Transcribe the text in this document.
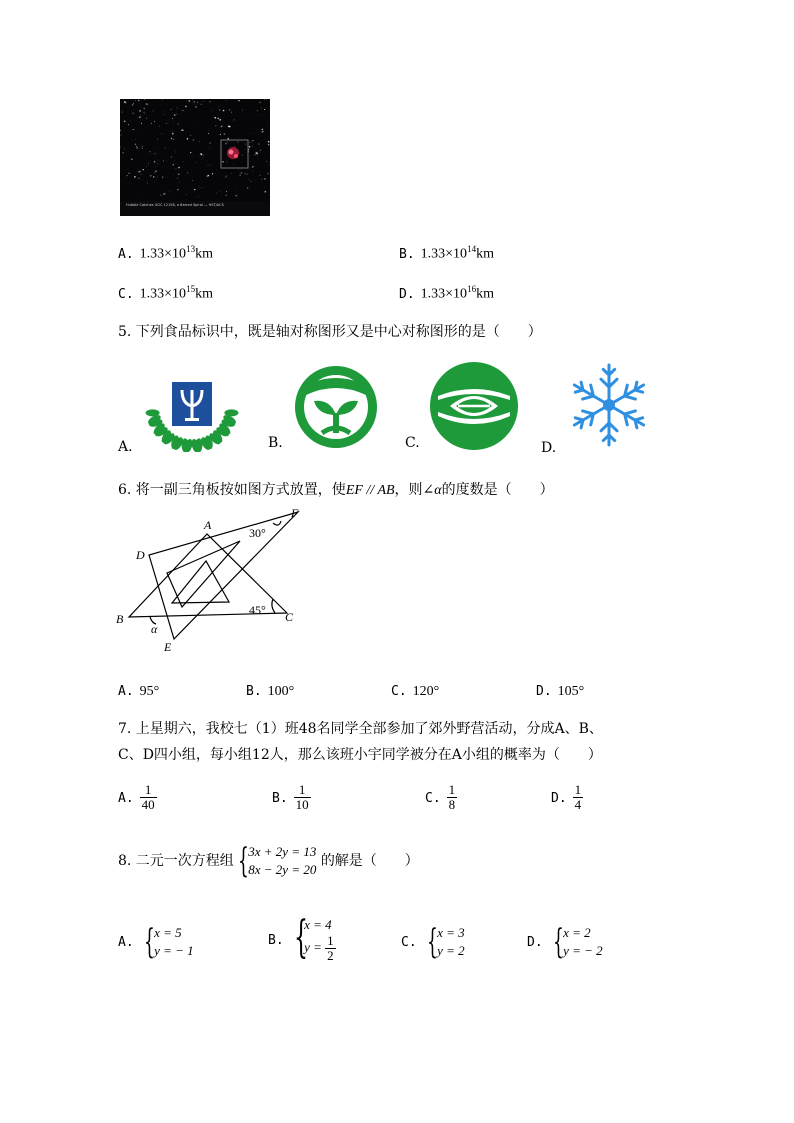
Hubble Catches UGC 12158, a Barred Spiral — HST/ACS
A. $1.33\times 10^{13}km$	B. $1.33\times 10^{14}km$
C. $1.33\times 10^{15}km$	D. $1.33\times 10^{16}km$
5. 下列食品标识中，既是轴对称图形又是中心对称图形的是（　　）
A.	B.	C.	D.
6. 将一副三角板按如图方式放置，使EF // AB，则∠α的度数是（　　）
A
B	C
D
E
F
α
30°
45°
A. 95°	B. 100°	C. 120°	D. 105°
7. 上星期六，我校七（1）班48名同学全部参加了郊外野营活动，分成A、B、
C、D四小组，每小组12人，那么该班小宇同学被分在A小组的概率为（　　）
A. $\frac{1}{40}$	B. $\frac{1}{10}$	C. $\frac{1}{8}$	D. $\frac{1}{4}$
8. 二元一次方程组 { 3x + 2y = 13
8x − 2y = 20
的解是（　　）
A. { x = 5
y = − 1
B. {
x = 4
$y = \frac{1}{2}$	C. { x = 3
y = 2
D. { x = 2
y = − 2
